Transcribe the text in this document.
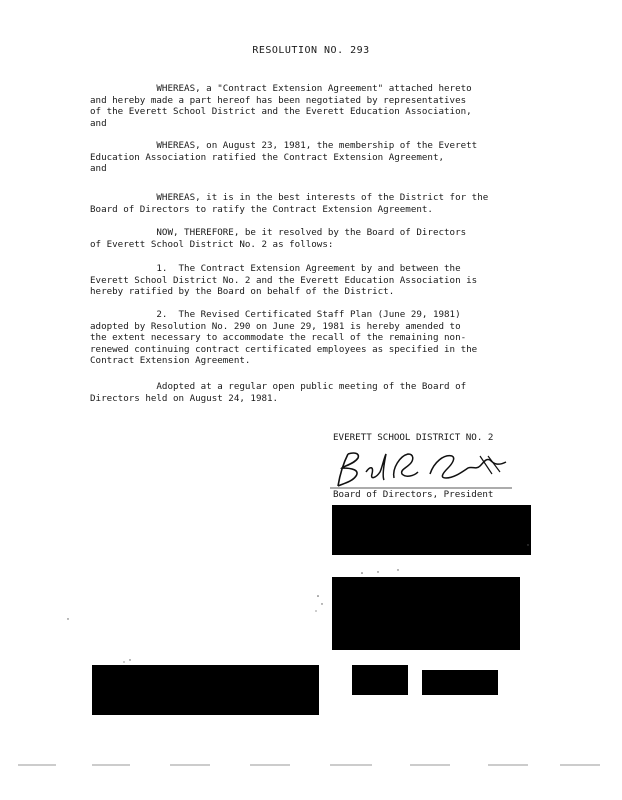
RESOLUTION NO. 293
WHEREAS, a "Contract Extension Agreement" attached hereto
and hereby made a part hereof has been negotiated by representatives
of the Everett School District and the Everett Education Association,
and
WHEREAS, on August 23, 1981, the membership of the Everett
Education Association ratified the Contract Extension Agreement,
and
WHEREAS, it is in the best interests of the District for the
Board of Directors to ratify the Contract Extension Agreement.
NOW, THEREFORE, be it resolved by the Board of Directors
of Everett School District No. 2 as follows:
1.  The Contract Extension Agreement by and between the
Everett School District No. 2 and the Everett Education Association is
hereby ratified by the Board on behalf of the District.
2.  The Revised Certificated Staff Plan (June 29, 1981)
adopted by Resolution No. 290 on June 29, 1981 is hereby amended to
the extent necessary to accommodate the recall of the remaining non-
renewed continuing contract certificated employees as specified in the
Contract Extension Agreement.
Adopted at a regular open public meeting of the Board of
Directors held on August 24, 1981.
EVERETT SCHOOL DISTRICT NO. 2
Board of Directors, President
